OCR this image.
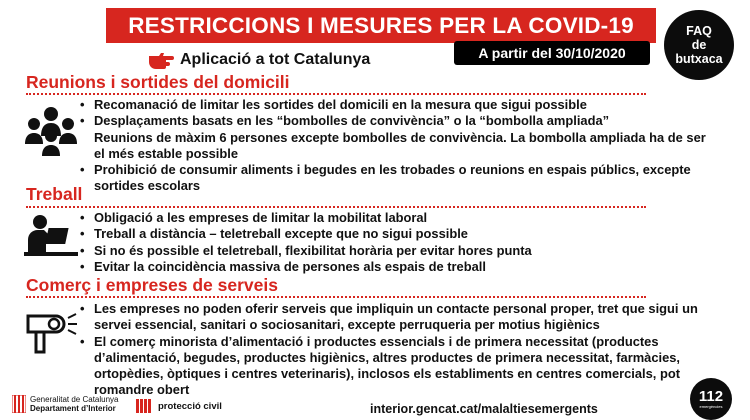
RESTRICCIONS I MESURES PER LA COVID-19	FAQ
de
butxaca
Aplicació a tot Catalunya	A partir del 30/10/2020
Reunions i sortides del domicili
• Recomanació de limitar les sortides del domicili en la mesura que sigui possible
• Desplaçaments basats en les “bombolles de convivència” o la “bombolla ampliada”
Reunions de màxim 6 persones excepte bombolles de convivència. La bombolla ampliada ha de ser el més estable possible
• Prohibició de consumir aliments i begudes en les trobades o reunions en espais públics, excepte sortides escolars
Treball
• Obligació a les empreses de limitar la mobilitat laboral
• Treball a distància – teletreball excepte que no sigui possible
• Si no és possible el teletreball, flexibilitat horària per evitar hores punta
• Evitar la coincidència massiva de persones als espais de treball
Comerç i empreses de serveis
• Les empreses no poden oferir serveis que impliquin un contacte personal proper, tret que sigui un servei essencial, sanitari o sociosanitari, excepte perruqueria per motius higiènics
• El comerç minorista d’alimentació i productes essencials i de primera necessitat (productes d’alimentació, begudes, productes higiènics, altres productes de primera necessitat, farmàcies, ortopèdies, òptiques i centres veterinaris), inclosos els establiments en centres comercials, pot romandre obert
Generalitat de Catalunya
Departament d’Interior	protecció civil	interior.gencat.cat/malaltiesemergents
112
emergències
